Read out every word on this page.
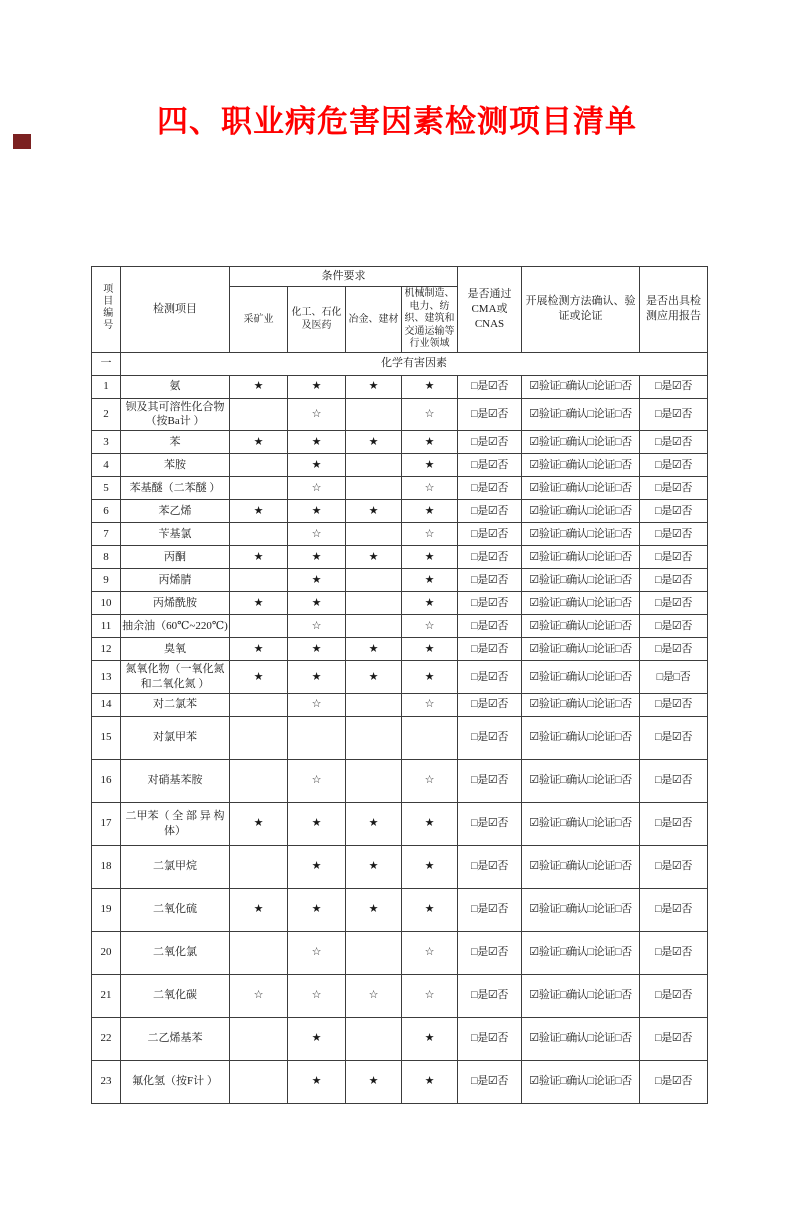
四、职业病危害因素检测项目清单
项目编号	检测项目	条件要求				是否通过CMA或CNAS	开展检测方法确认、验证或论证	是否出具检测应用报告
		采矿业	化工、石化及医药	冶金、建材	机械制造、电力、纺织、建筑和交通运输等行业领域			
一	化学有害因素							
1	氨	★	★	★	★	□是☑否	☑验证□确认□论证□否	□是☑否
2	钡及其可溶性化合物（按Ba计 ）		☆		☆	□是☑否	☑验证□确认□论证□否	□是☑否
3	苯	★	★	★	★	□是☑否	☑验证□确认□论证□否	□是☑否
4	苯胺		★		★	□是☑否	☑验证□确认□论证□否	□是☑否
5	苯基醚（二苯醚 ）		☆		☆	□是☑否	☑验证□确认□论证□否	□是☑否
6	苯乙烯	★	★	★	★	□是☑否	☑验证□确认□论证□否	□是☑否
7	苄基氯		☆		☆	□是☑否	☑验证□确认□论证□否	□是☑否
8	丙酮	★	★	★	★	□是☑否	☑验证□确认□论证□否	□是☑否
9	丙烯腈		★		★	□是☑否	☑验证□确认□论证□否	□是☑否
10	丙烯酰胺	★	★		★	□是☑否	☑验证□确认□论证□否	□是☑否
11	抽余油（60℃~220℃)		☆		☆	□是☑否	☑验证□确认□论证□否	□是☑否
12	臭氧	★	★	★	★	□是☑否	☑验证□确认□论证□否	□是☑否
13	氮氧化物（一氧化氮和二氧化氮 ）	★	★	★	★	□是☑否	☑验证□确认□论证□否	□是□否
14	对二氯苯		☆		☆	□是☑否	☑验证□确认□论证□否	□是☑否
15	对氯甲苯					□是☑否	☑验证□确认□论证□否	□是☑否
16	对硝基苯胺		☆		☆	□是☑否	☑验证□确认□论证□否	□是☑否
17	二甲苯（ 全 部 异 构体）	★	★	★	★	□是☑否	☑验证□确认□论证□否	□是☑否
18	二氯甲烷		★	★	★	□是☑否	☑验证□确认□论证□否	□是☑否
19	二氧化硫	★	★	★	★	□是☑否	☑验证□确认□论证□否	□是☑否
20	二氧化氯		☆		☆	□是☑否	☑验证□确认□论证□否	□是☑否
21	二氧化碳	☆	☆	☆	☆	□是☑否	☑验证□确认□论证□否	□是☑否
22	二乙烯基苯		★		★	□是☑否	☑验证□确认□论证□否	□是☑否
23	氟化氢（按F计 ）		★	★	★	□是☑否	☑验证□确认□论证□否	□是☑否
